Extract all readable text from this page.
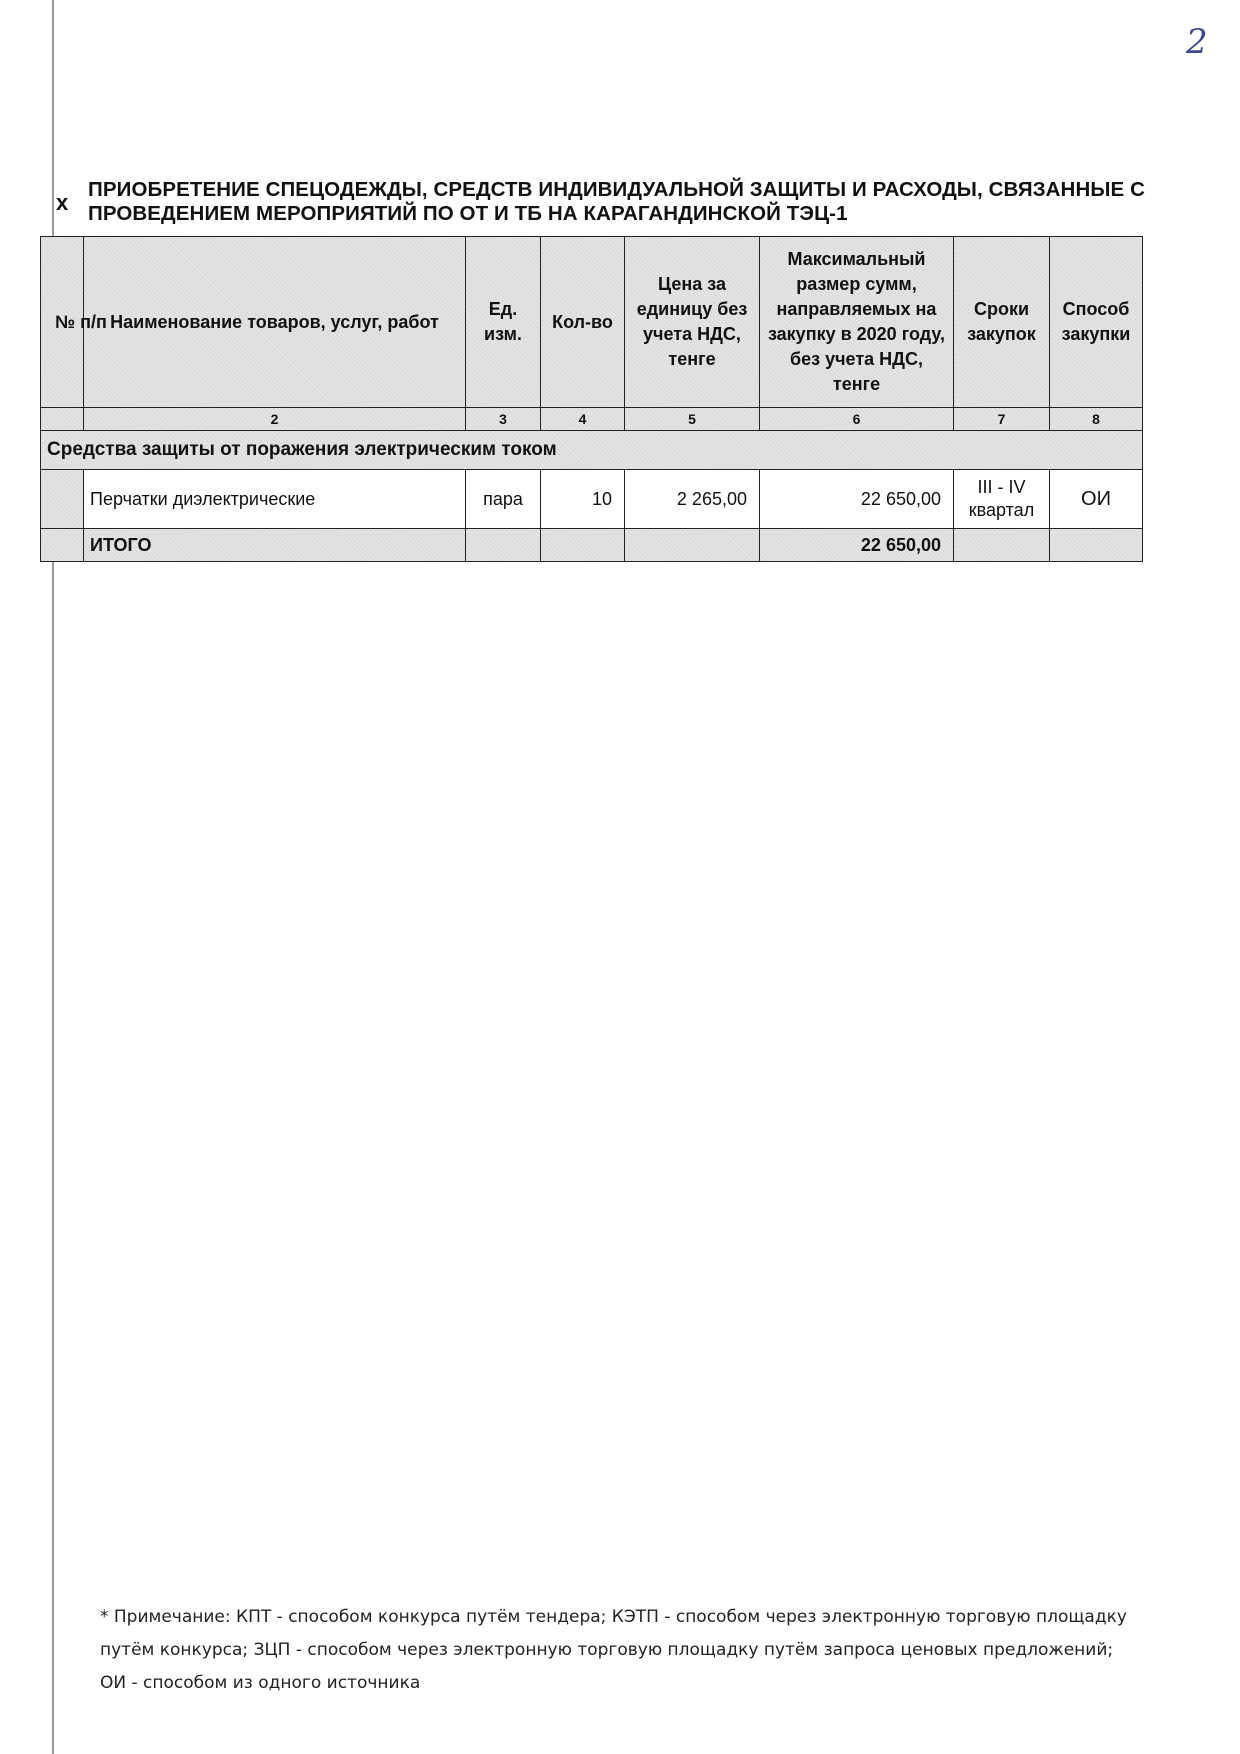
2
х
ПРИОБРЕТЕНИЕ СПЕЦОДЕЖДЫ, СРЕДСТВ ИНДИВИДУАЛЬНОЙ ЗАЩИТЫ И РАСХОДЫ, СВЯЗАННЫЕ С ПРОВЕДЕНИЕМ МЕРОПРИЯТИЙ ПО ОТ И ТБ НА КАРАГАНДИНСКОЙ ТЭЦ-1
№ п/п	Наименование товаров, услуг, работ	Ед. изм.	Кол-во	Цена за единицу без учета НДС, тенге	Максимальный размер сумм, направляемых на закупку в 2020 году, без учета НДС, тенге	Сроки закупок	Способ закупки
	2	3	4	5	6	7	8
Средства защиты от поражения электрическим током							
	Перчатки диэлектрические	пара	10	2 265,00	22 650,00	III - IV квартал	ОИ
	ИТОГО				22 650,00		
* Примечание: КПТ - способом конкурса путём тендера; КЭТП - способом через электронную торговую площадку путём конкурса; ЗЦП - способом через электронную торговую площадку путём запроса ценовых предложений; ОИ - способом из одного источника
